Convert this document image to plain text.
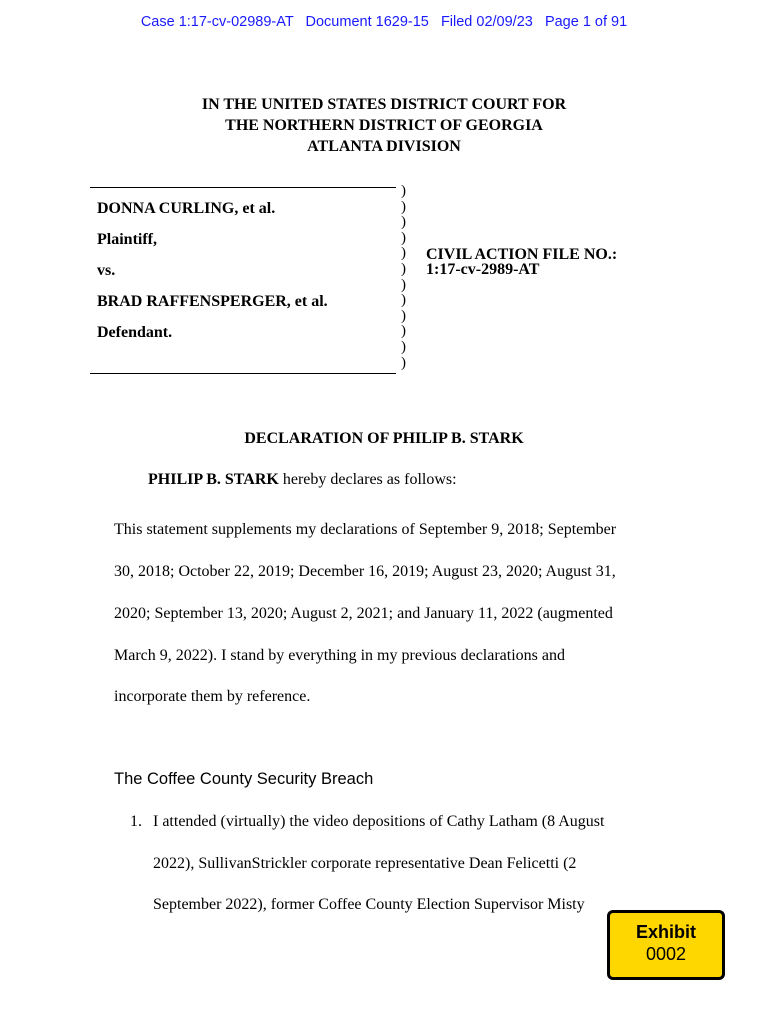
Case 1:17-cv-02989-AT Document 1629-15 Filed 02/09/23 Page 1 of 91
IN THE UNITED STATES DISTRICT COURT FOR
THE NORTHERN DISTRICT OF GEORGIA
ATLANTA DIVISION
DONNA CURLING, et al.
Plaintiff,
vs.
BRAD RAFFENSPERGER, et al.
Defendant.
)
)
)
)
)
)
)
)
)
)
)
)
CIVIL ACTION FILE NO.:
1:17-cv-2989-AT
DECLARATION OF PHILIP B. STARK
PHILIP B. STARK hereby declares as follows:
This statement supplements my declarations of September 9, 2018; September
30, 2018; October 22, 2019; December 16, 2019; August 23, 2020; August 31,
2020; September 13, 2020; August 2, 2021; and January 11, 2022 (augmented
March 9, 2022). I stand by everything in my previous declarations and
incorporate them by reference.
The Coffee County Security Breach
1. I attended (virtually) the video depositions of Cathy Latham (8 August
2022), SullivanStrickler corporate representative Dean Felicetti (2
September 2022), former Coffee County Election Supervisor Misty
Exhibit
0002
